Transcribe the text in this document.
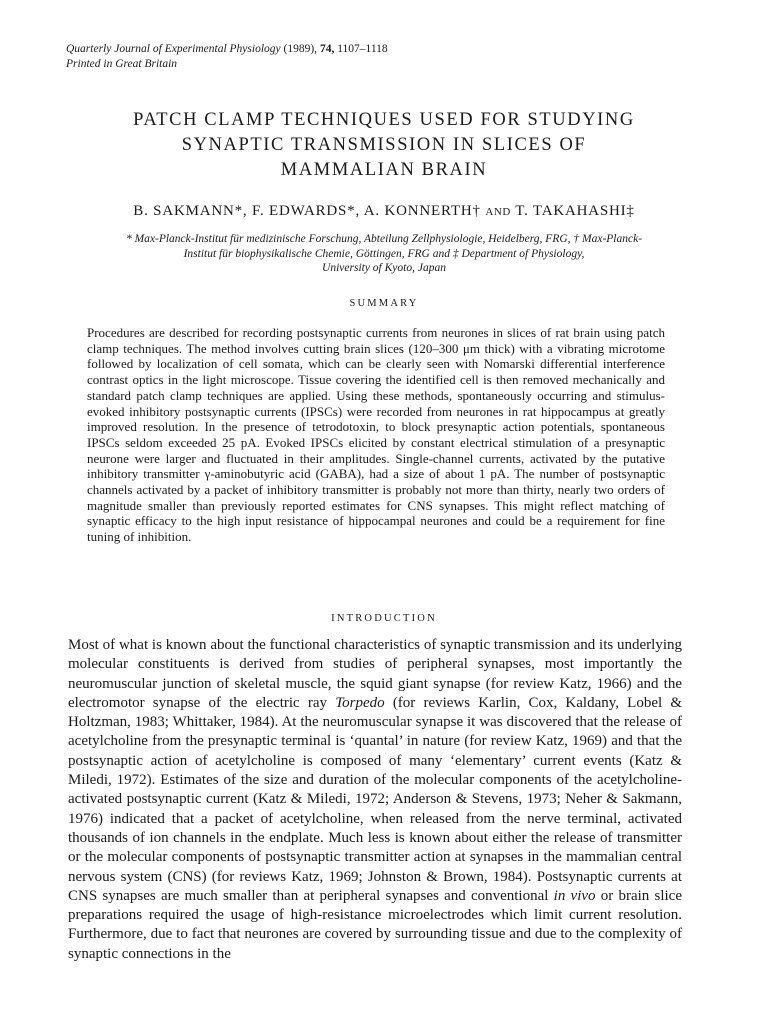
Quarterly Journal of Experimental Physiology (1989), 74, 1107–1118
Printed in Great Britain
PATCH CLAMP TECHNIQUES USED FOR STUDYING
SYNAPTIC TRANSMISSION IN SLICES OF
MAMMALIAN BRAIN
B. SAKMANN*, F. EDWARDS*, A. KONNERTH† AND T. TAKAHASHI‡
* Max-Planck-Institut für medizinische Forschung, Abteilung Zellphysiologie, Heidelberg, FRG, † Max-Planck-
Institut für biophysikalische Chemie, Göttingen, FRG and ‡ Department of Physiology,
University of Kyoto, Japan
SUMMARY

Procedures are described for recording postsynaptic currents from neurones in slices of rat brain using patch clamp techniques. The method involves cutting brain slices (120–300 μm thick) with a vibrating microtome followed by localization of cell somata, which can be clearly seen with Nomarski differential interference contrast optics in the light microscope. Tissue covering the identified cell is then removed mechanically and standard patch clamp techniques are applied. Using these methods, spontaneously occurring and stimulus-evoked inhibitory postsynaptic currents (IPSCs) were recorded from neurones in rat hippocampus at greatly improved resolution. In the presence of tetrodotoxin, to block presynaptic action potentials, spontaneous IPSCs seldom exceeded 25 pA. Evoked IPSCs elicited by constant electrical stimulation of a presynaptic neurone were larger and fluctuated in their amplitudes. Single-channel currents, activated by the putative inhibitory transmitter γ-aminobutyric acid (GABA), had a size of about 1 pA. The number of postsynaptic channels activated by a packet of inhibitory transmitter is probably not more than thirty, nearly two orders of magnitude smaller than previously reported estimates for CNS synapses. This might reflect matching of synaptic efficacy to the high input resistance of hippocampal neurones and could be a requirement for fine tuning of inhibition.

INTRODUCTION

Most of what is known about the functional characteristics of synaptic transmission and its underlying molecular constituents is derived from studies of peripheral synapses, most importantly the neuromuscular junction of skeletal muscle, the squid giant synapse (for review Katz, 1966) and the electromotor synapse of the electric ray Torpedo (for reviews Karlin, Cox, Kaldany, Lobel & Holtzman, 1983; Whittaker, 1984). At the neuromuscular synapse it was discovered that the release of acetylcholine from the presynaptic terminal is ‘quantal’ in nature (for review Katz, 1969) and that the postsynaptic action of acetylcholine is composed of many ‘elementary’ current events (Katz & Miledi, 1972). Estimates of the size and duration of the molecular components of the acetylcholine-activated postsynaptic current (Katz & Miledi, 1972; Anderson & Stevens, 1973; Neher & Sakmann, 1976) indicated that a packet of acetylcholine, when released from the nerve terminal, activated thousands of ion channels in the endplate. Much less is known about either the release of transmitter or the molecular components of postsynaptic transmitter action at synapses in the mammalian central nervous system (CNS) (for reviews Katz, 1969; Johnston & Brown, 1984). Postsynaptic currents at CNS synapses are much smaller than at peripheral synapses and conventional in vivo or brain slice preparations required the usage of high-resistance microelectrodes which limit current resolution. Furthermore, due to fact that neurones are covered by surrounding tissue and due to the complexity of synaptic connections in the
